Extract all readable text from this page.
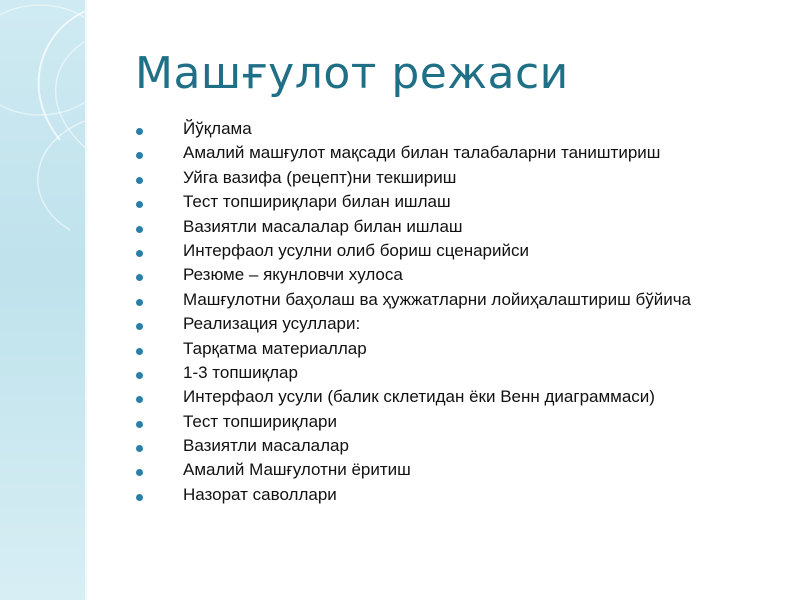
Машғулот режаси
Йўқлама
Амалий машғулот мақсади билан талабаларни таништириш
Уйга вазифа (рецепт)ни текшириш
Тест топшириқлари билан ишлаш
Вазиятли масалалар билан ишлаш
Интерфаол усулни олиб бориш сценарийси
Резюме – якунловчи хулоса
Машғулотни баҳолаш ва ҳужжатларни лойиҳалаштириш бўйича
Реализация усуллари:
Тарқатма материаллар
1-3 топшиқлар
Интерфаол усули (балик склетидан ёки Венн диаграммаси)
Тест топшириқлари
Вазиятли масалалар
Амалий Машғулотни ёритиш
Назорат саволлари
